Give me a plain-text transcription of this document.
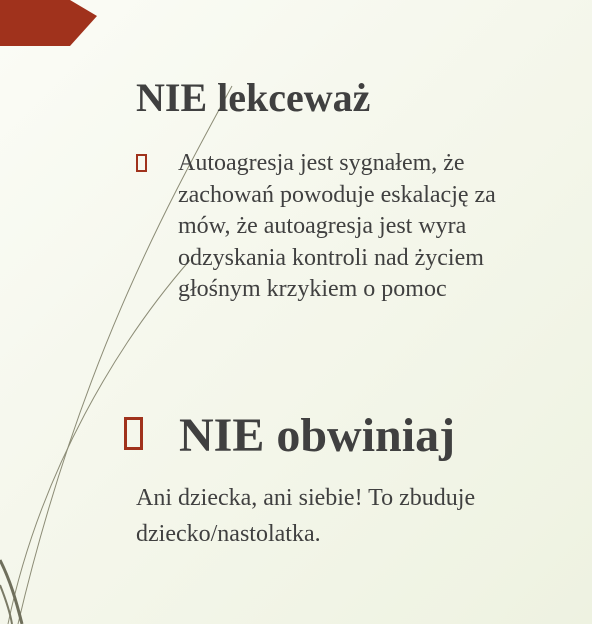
NIE lekceważ
Autoagresja jest sygnałem, że
zachowań powoduje eskalację za
mów, że autoagresja jest wyra
odzyskania kontroli nad życiem
głośnym krzykiem o pomoc
NIE obwiniaj
Ani dziecka, ani siebie! To zbuduje
dziecko/nastolatka.
